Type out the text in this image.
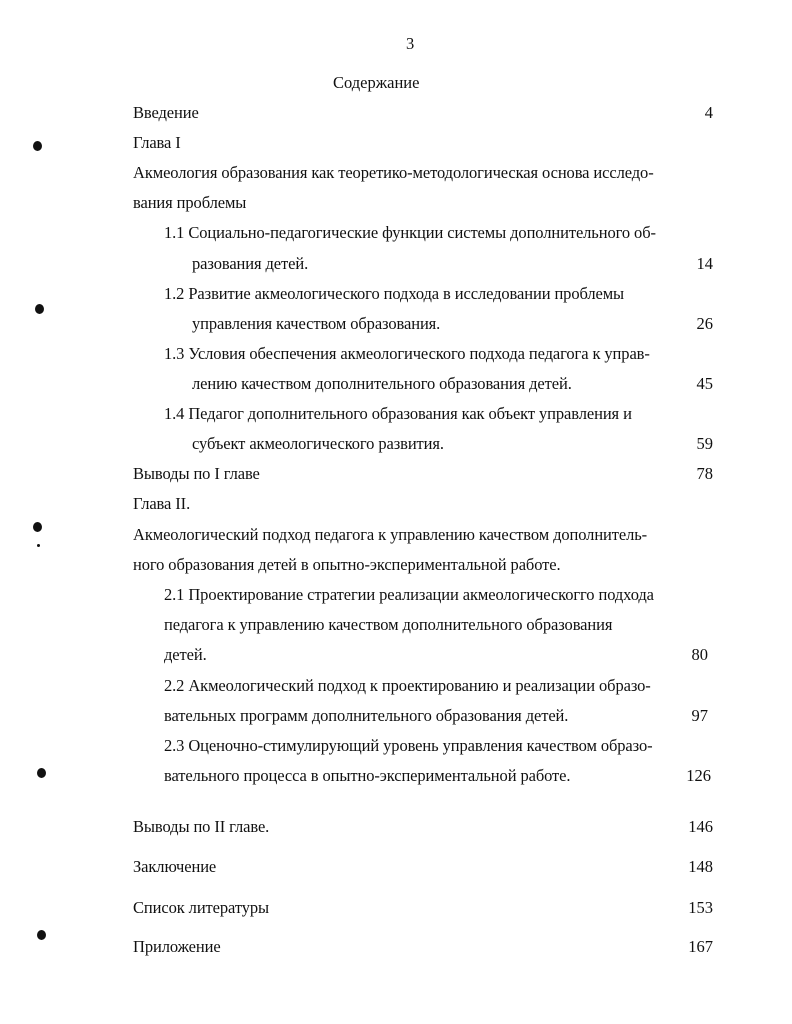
3
Содержание
Введение	4
Глава I
Акмеология образования как теоретико-методологическая основа исследо-
вания проблемы
1.1 Социально-педагогические функции системы дополнительного об-
разования детей.	14
1.2 Развитие акмеологического подхода в исследовании проблемы
управления качеством образования.	26
1.3 Условия обеспечения акмеологического подхода педагога к управ-
лению качеством дополнительного образования детей.	45
1.4 Педагог дополнительного образования как объект управления и
субъект акмеологического развития.	59
Выводы по I главе	78
Глава II.
Акмеологический подход педагога к управлению качеством дополнитель-
ного образования детей в опытно-экспериментальной работе.
2.1 Проектирование стратегии реализации акмеологическогго подхода
педагога к управлению качеством дополнительного образования
детей.	80
2.2 Акмеологический подход к проектированию и реализации образо-
вательных программ дополнительного образования детей.	97
2.3 Оценочно-стимулирующий уровень управления качеством образо-
вательного процесса в опытно-экспериментальной работе.	126
Выводы по II главе.	146
Заключение	148
Список литературы	153
Приложение	167
